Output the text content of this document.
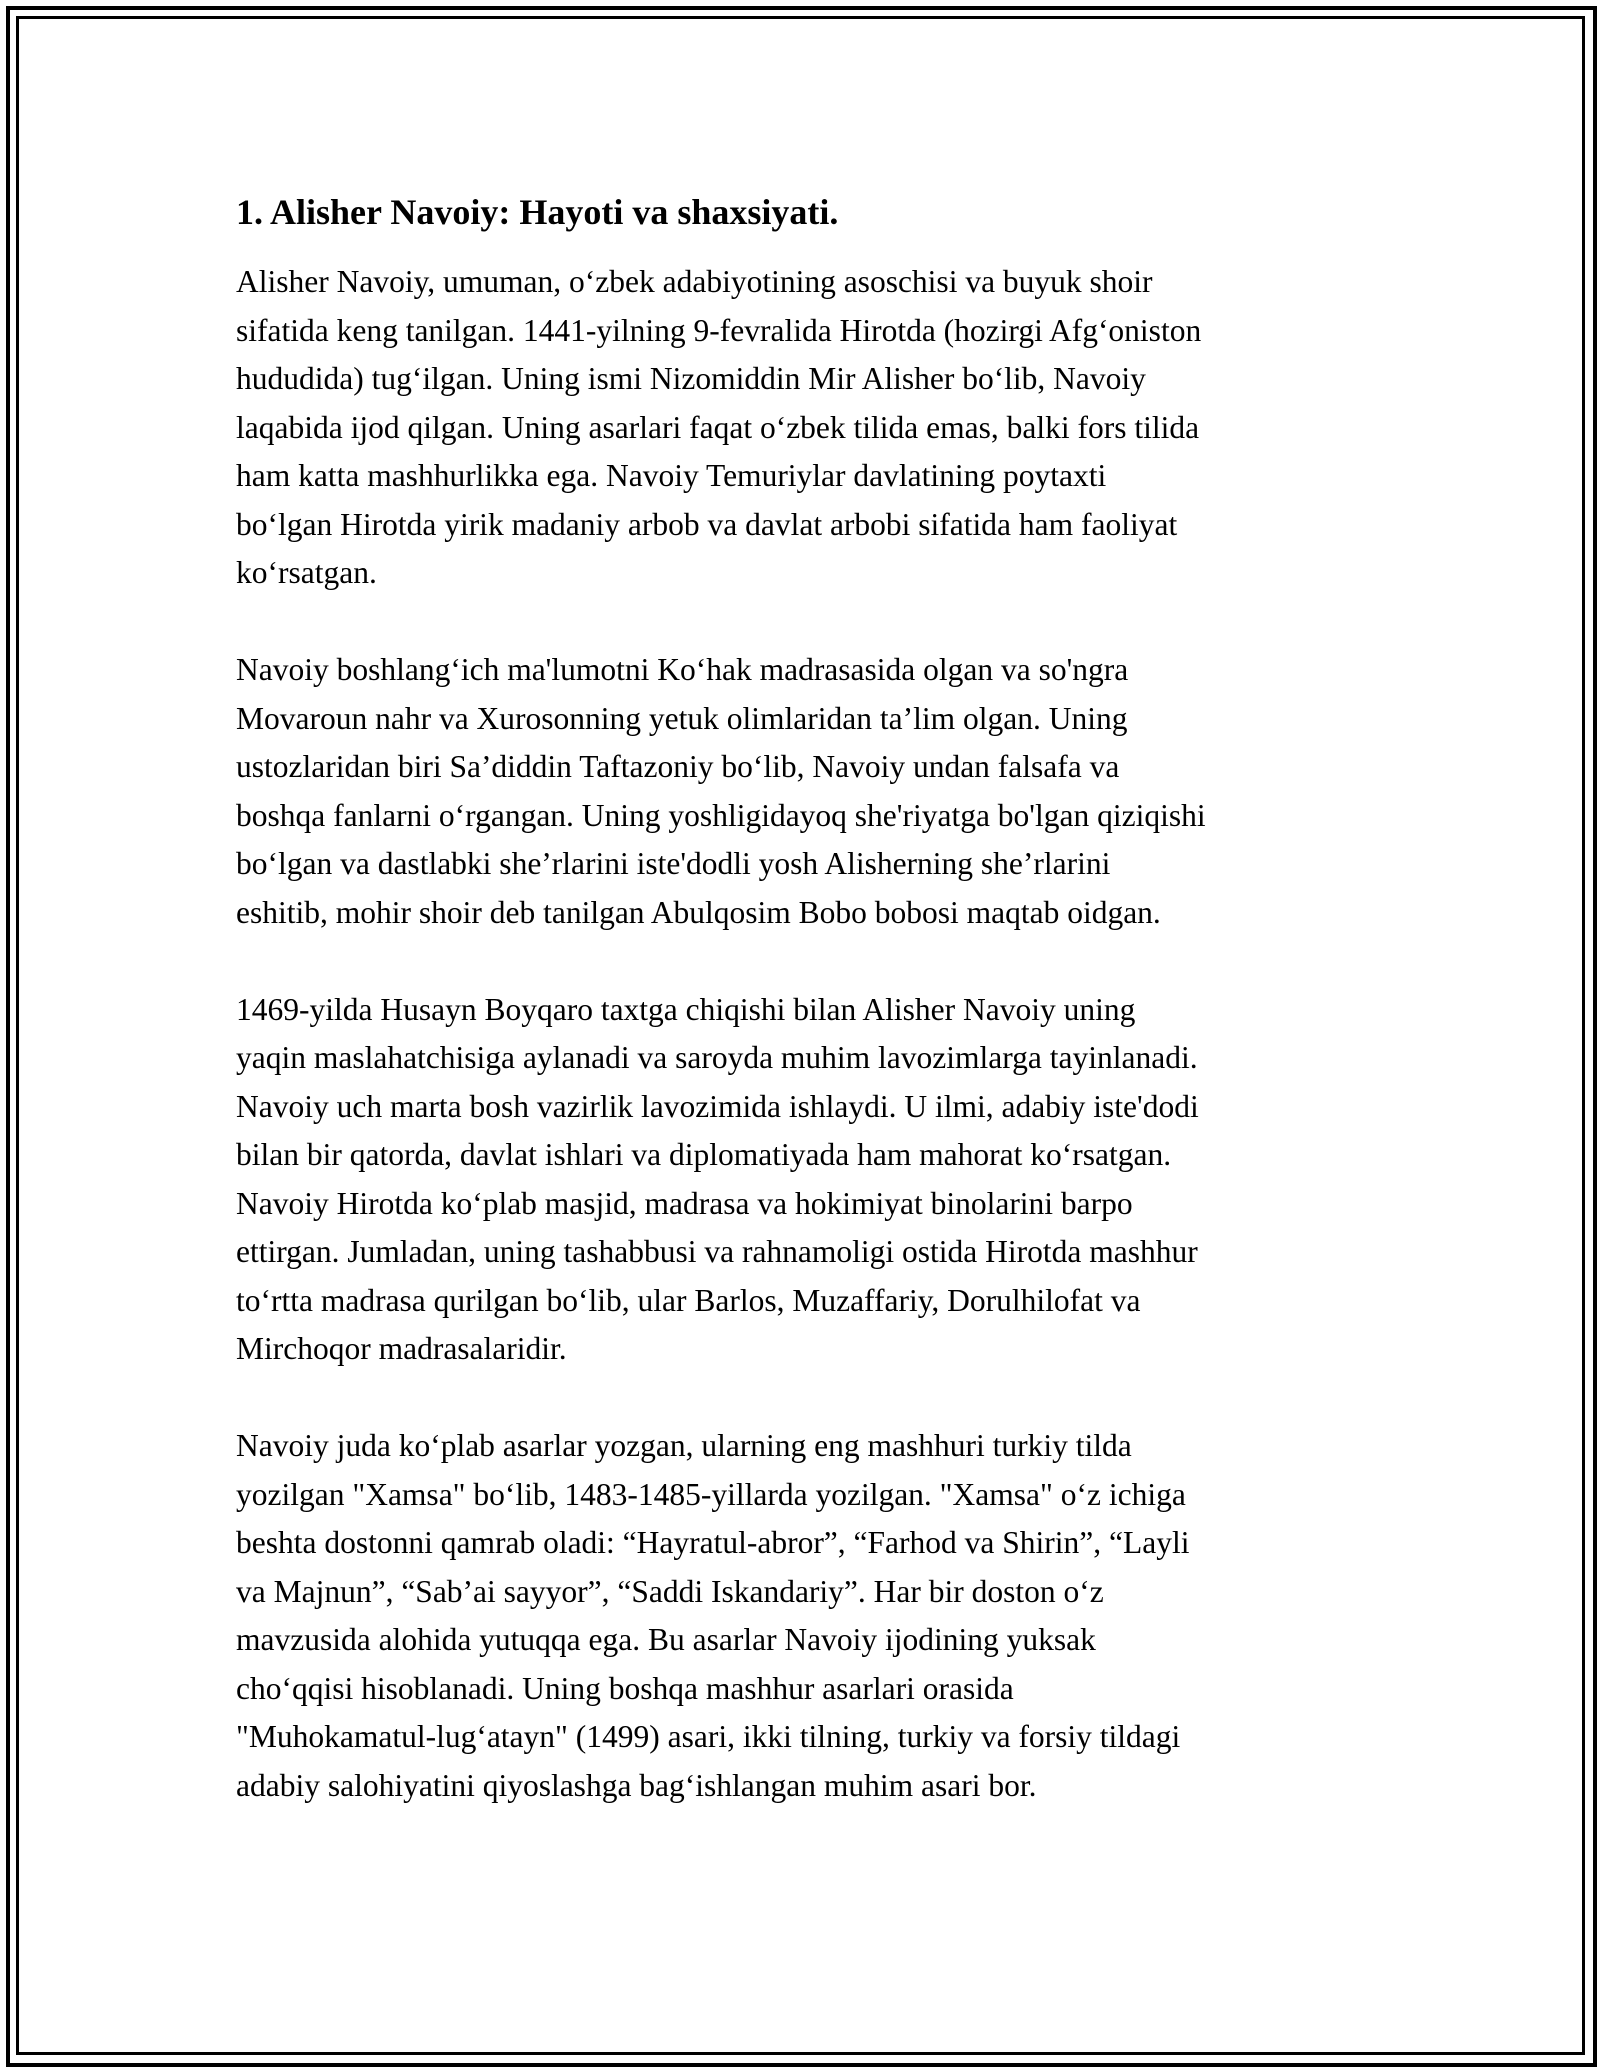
1. Alisher Navoiy: Hayoti va shaxsiyati.
Alisher Navoiy, umuman, o‘zbek adabiyotining asoschisi va buyuk shoir
sifatida keng tanilgan. 1441-yilning 9-fevralida Hirotda (hozirgi Afg‘oniston
hududida) tug‘ilgan. Uning ismi Nizomiddin Mir Alisher bo‘lib, Navoiy
laqabida ijod qilgan. Uning asarlari faqat o‘zbek tilida emas, balki fors tilida
ham katta mashhurlikka ega. Navoiy Temuriylar davlatining poytaxti
bo‘lgan Hirotda yirik madaniy arbob va davlat arbobi sifatida ham faoliyat
ko‘rsatgan.
Navoiy boshlang‘ich ma'lumotni Ko‘hak madrasasida olgan va so'ngra
Movaroun nahr va Xurosonning yetuk olimlaridan ta’lim olgan. Uning
ustozlaridan biri Sa’diddin Taftazoniy bo‘lib, Navoiy undan falsafa va
boshqa fanlarni o‘rgangan. Uning yoshligidayoq she'riyatga bo'lgan qiziqishi
bo‘lgan va dastlabki she’rlarini iste'dodli yosh Alisherning she’rlarini
eshitib, mohir shoir deb tanilgan Abulqosim Bobo bobosi maqtab oidgan.
1469-yilda Husayn Boyqaro taxtga chiqishi bilan Alisher Navoiy uning
yaqin maslahatchisiga aylanadi va saroyda muhim lavozimlarga tayinlanadi.
Navoiy uch marta bosh vazirlik lavozimida ishlaydi. U ilmi, adabiy iste'dodi
bilan bir qatorda, davlat ishlari va diplomatiyada ham mahorat ko‘rsatgan.
Navoiy Hirotda ko‘plab masjid, madrasa va hokimiyat binolarini barpo
ettirgan. Jumladan, uning tashabbusi va rahnamoligi ostida Hirotda mashhur
to‘rtta madrasa qurilgan bo‘lib, ular Barlos, Muzaffariy, Dorulhilofat va
Mirchoqor madrasalaridir.
Navoiy juda ko‘plab asarlar yozgan, ularning eng mashhuri turkiy tilda
yozilgan "Xamsa" bo‘lib, 1483-1485-yillarda yozilgan. "Xamsa" o‘z ichiga
beshta dostonni qamrab oladi: “Hayratul-abror”, “Farhod va Shirin”, “Layli
va Majnun”, “Sab’ai sayyor”, “Saddi Iskandariy”. Har bir doston o‘z
mavzusida alohida yutuqqa ega. Bu asarlar Navoiy ijodining yuksak
cho‘qqisi hisoblanadi. Uning boshqa mashhur asarlari orasida
"Muhokamatul-lug‘atayn" (1499) asari, ikki tilning, turkiy va forsiy tildagi
adabiy salohiyatini qiyoslashga bag‘ishlangan muhim asari bor.
